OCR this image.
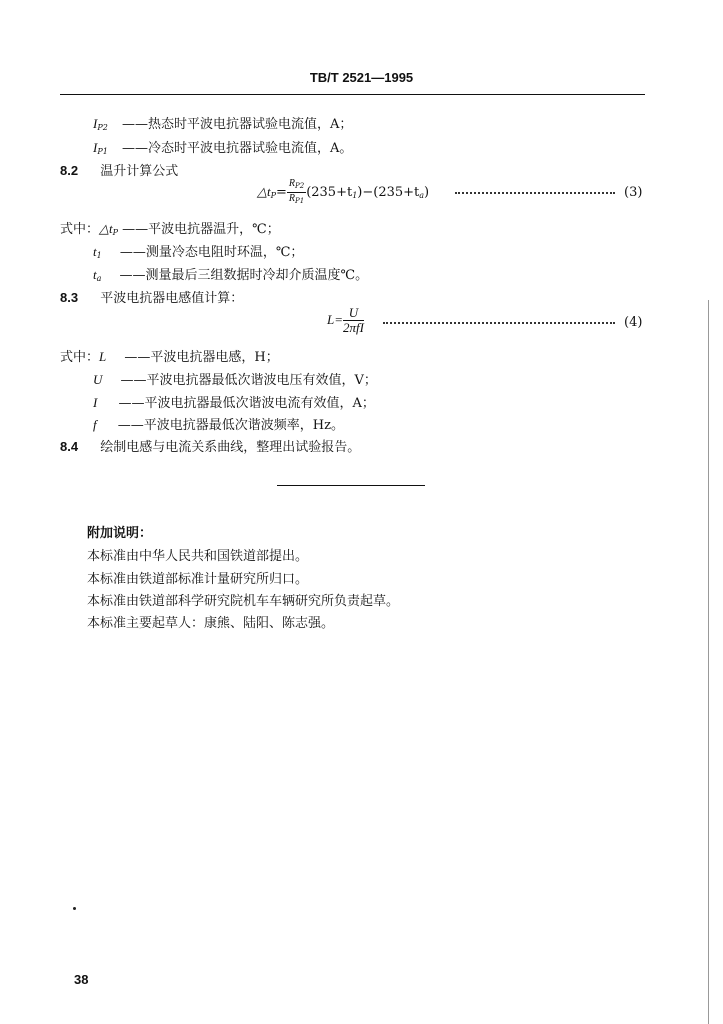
TB/T 2521—1995
$I_{P2}$ ——热态时平波电抗器试验电流值，A；
$I_{P1}$ ——冷态时平波电抗器试验电流值，A。
8.2 温升计算公式
$\triangle t_P= \frac{R_{P2}}{R_{P1}} (235+t_1)-(235+t_a)$	(3)
式中：$\triangle t_P$ ——平波电抗器温升，℃；
$t_1$ ——测量冷态电阻时环温，℃；
$t_a$ ——测量最后三组数据时冷却介质温度℃。
8.3 平波电抗器电感值计算：
$L= \frac{U}{\text{2πfI}}$	(4)
式中：L ——平波电抗器电感，H；
U ——平波电抗器最低次谐波电压有效值，V；
I ——平波电抗器最低次谐波电流有效值，A；
f ——平波电抗器最低次谐波频率，Hz。
8.4 绘制电感与电流关系曲线，整理出试验报告。
附加说明：
本标准由中华人民共和国铁道部提出。
本标准由铁道部标准计量研究所归口。
本标准由铁道部科学研究院机车车辆研究所负责起草。
本标准主要起草人：康熊、陆阳、陈志强。
38
